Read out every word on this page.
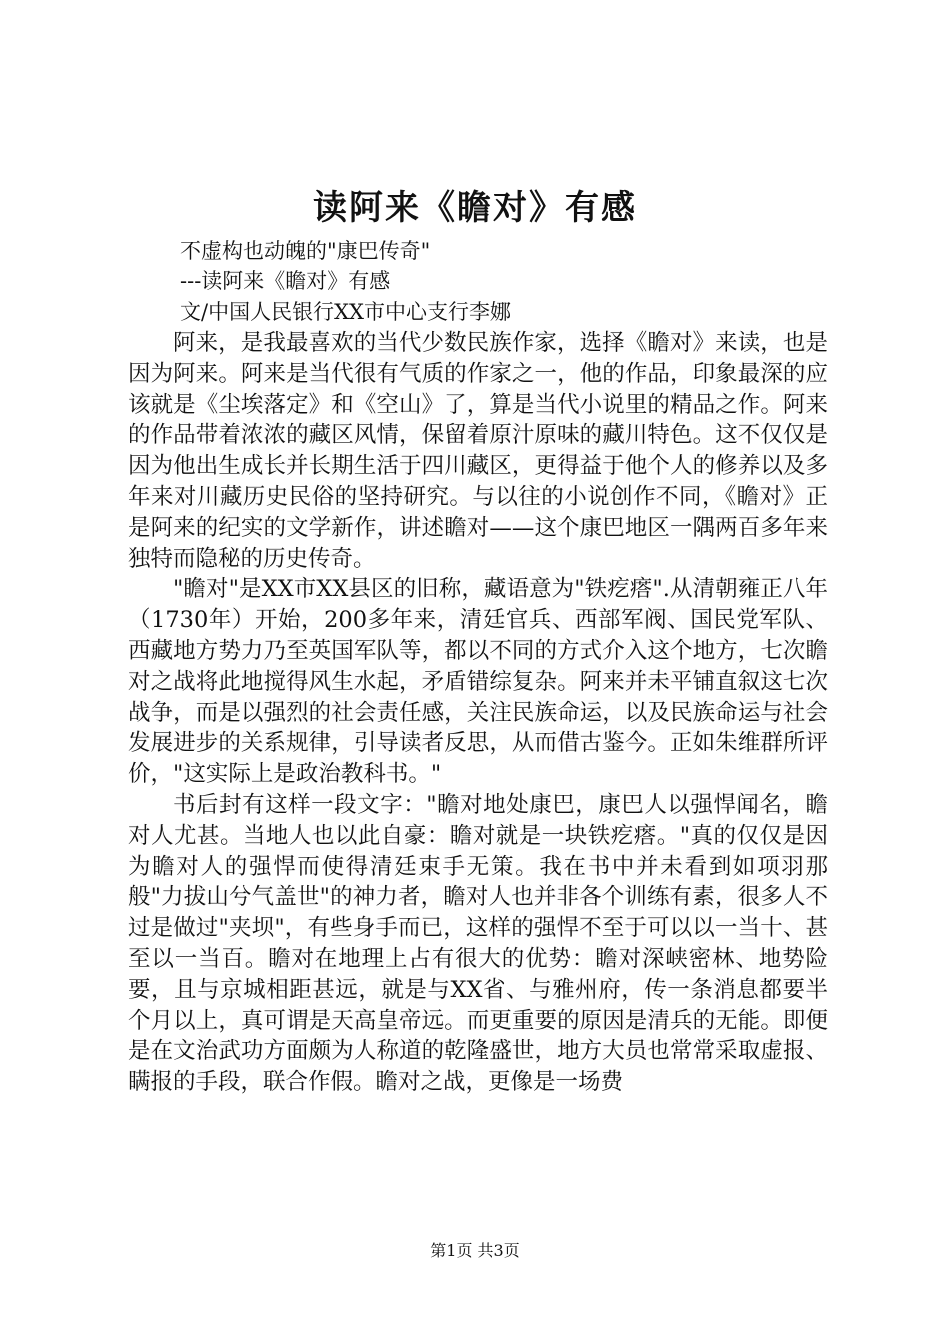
读阿来《瞻对》有感
不虚构也动魄的"康巴传奇"
---读阿来《瞻对》有感
文/中国人民银行XX市中心支行李娜

阿来，是我最喜欢的当代少数民族作家，选择《瞻对》来读，也是因为阿来。阿来是当代很有气质的作家之一，他的作品，印象最深的应该就是《尘埃落定》和《空山》了，算是当代小说里的精品之作。阿来的作品带着浓浓的藏区风情，保留着原汁原味的藏川特色。这不仅仅是因为他出生成长并长期生活于四川藏区，更得益于他个人的修养以及多年来对川藏历史民俗的坚持研究。与以往的小说创作不同，《瞻对》正是阿来的纪实的文学新作，讲述瞻对——这个康巴地区一隅两百多年来独特而隐秘的历史传奇。

"瞻对"是XX市XX县区的旧称，藏语意为"铁疙瘩".从清朝雍正八年（1730年）开始，200多年来，清廷官兵、西部军阀、国民党军队、西藏地方势力乃至英国军队等，都以不同的方式介入这个地方，七次瞻对之战将此地搅得风生水起，矛盾错综复杂。阿来并未平铺直叙这七次战争，而是以强烈的社会责任感，关注民族命运，以及民族命运与社会发展进步的关系规律，引导读者反思，从而借古鉴今。正如朱维群所评价，"这实际上是政治教科书。"

书后封有这样一段文字："瞻对地处康巴，康巴人以强悍闻名，瞻对人尤甚。当地人也以此自豪：瞻对就是一块铁疙瘩。"真的仅仅是因为瞻对人的强悍而使得清廷束手无策。我在书中并未看到如项羽那般"力拔山兮气盖世"的神力者，瞻对人也并非各个训练有素，很多人不过是做过"夹坝"，有些身手而已，这样的强悍不至于可以以一当十、甚至以一当百。瞻对在地理上占有很大的优势：瞻对深峡密林、地势险要，且与京城相距甚远，就是与XX省、与雅州府，传一条消息都要半个月以上，真可谓是天高皇帝远。而更重要的原因是清兵的无能。即便是在文治武功方面颇为人称道的乾隆盛世，地方大员也常常采取虚报、瞒报的手段，联合作假。瞻对之战，更像是一场费

第1页 共3页
